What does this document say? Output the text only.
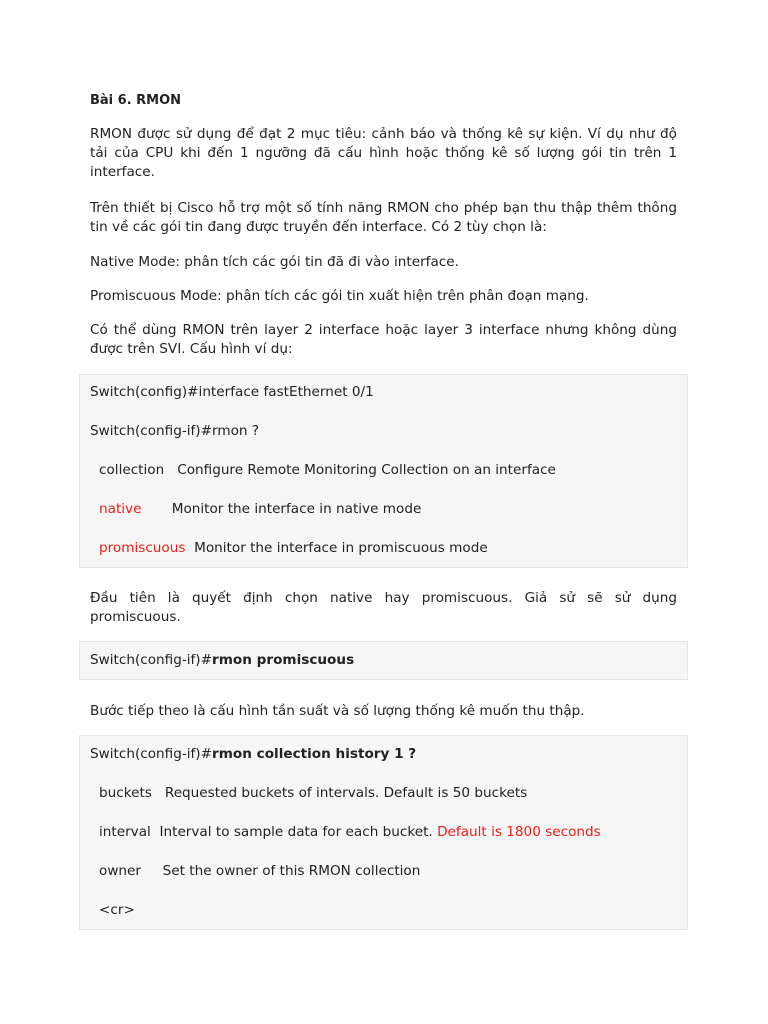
Bài 6. RMON
RMON được sử dụng để đạt 2 mục tiêu: cảnh báo và thống kê sự kiện. Ví dụ như độ
tải của CPU khi đến 1 ngưỡng đã cấu hình hoặc thống kê số lượng gói tin trên 1
interface.
Trên thiết bị Cisco hỗ trợ một số tính năng RMON cho phép bạn thu thập thêm thông
tin về các gói tin đang được truyền đến interface. Có 2 tùy chọn là:
Native Mode: phân tích các gói tin đã đi vào interface.
Promiscuous Mode: phân tích các gói tin xuất hiện trên phân đoạn mạng.
Có thể dùng RMON trên layer 2 interface hoặc layer 3 interface nhưng không dùng
được trên SVI. Cấu hình ví dụ:
Switch(config)#interface fastEthernet 0/1
Switch(config-if)#rmon ?
collection Configure Remote Monitoring Collection on an interface
native Monitor the interface in native mode
promiscuous Monitor the interface in promiscuous mode
Đầu tiên là quyết định chọn native hay promiscuous. Giả sử sẽ sử dụng
promiscuous.
Switch(config-if)#rmon promiscuous
Bước tiếp theo là cấu hình tần suất và số lượng thống kê muốn thu thập.
Switch(config-if)#rmon collection history 1 ?
buckets Requested buckets of intervals. Default is 50 buckets
interval Interval to sample data for each bucket. Default is 1800 seconds
owner Set the owner of this RMON collection
<cr>
